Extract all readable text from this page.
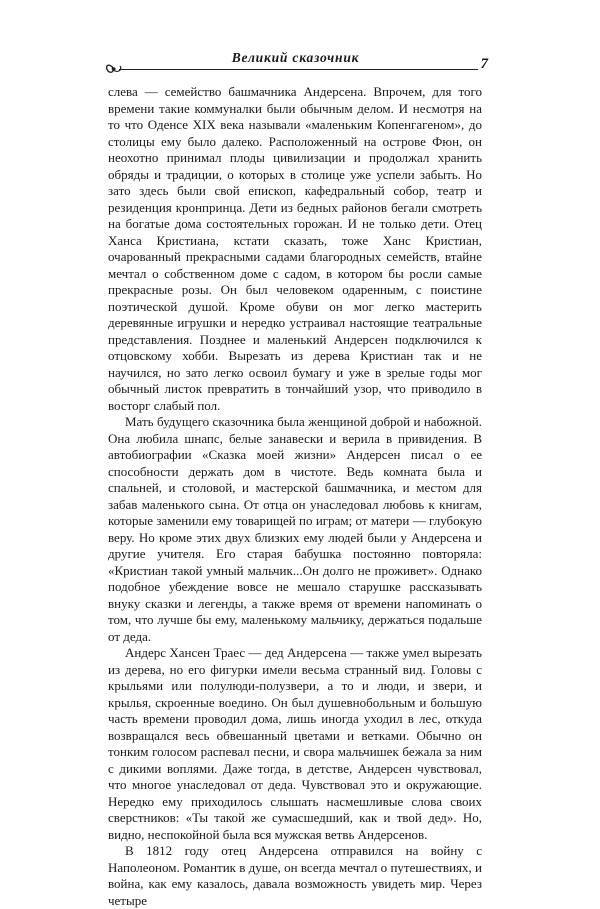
Великий сказочник	7

слева — семейство башмачника Андерсена. Впрочем, для того времени такие коммуналки были обычным делом. И несмотря на то что Оденсе XIX века называли «маленьким Копенгагеном», до столицы ему было далеко. Расположенный на острове Фюн, он неохотно принимал плоды цивилизации и продолжал хранить обряды и традиции, о которых в столице уже успели забыть. Но зато здесь были свой епископ, кафедральный собор, театр и резиденция кронпринца. Дети из бедных районов бегали смотреть на богатые дома состоятельных горожан. И не только дети. Отец Ханса Кристиана, кстати сказать, тоже Ханс Кристиан, очарованный прекрасными садами благородных семейств, втайне мечтал о собственном доме с садом, в котором бы росли самые прекрасные розы. Он был человеком одаренным, с поистине поэтической душой. Кроме обуви он мог легко мастерить деревянные игрушки и нередко устраивал настоящие театральные представления. Позднее и маленький Андерсен подключился к отцовскому хобби. Вырезать из дерева Кристиан так и не научился, но зато легко освоил бумагу и уже в зрелые годы мог обычный листок превратить в тончайший узор, что приводило в восторг слабый пол.

Мать будущего сказочника была женщиной доброй и набожной. Она любила шнапс, белые занавески и верила в привидения. В автобиографии «Сказка моей жизни» Андерсен писал о ее способности держать дом в чистоте. Ведь комната была и спальней, и столовой, и мастерской башмачника, и местом для забав маленького сына. От отца он унаследовал любовь к книгам, которые заменили ему товарищей по играм; от матери — глубокую веру. Но кроме этих двух близких ему людей были у Андерсена и другие учителя. Его старая бабушка постоянно повторяла: «Кристиан такой умный мальчик...Он долго не проживет». Однако подобное убеждение вовсе не мешало старушке рассказывать внуку сказки и легенды, а также время от времени напоминать о том, что лучше бы ему, маленькому мальчику, держаться подальше от деда.

Андерс Хансен Траес — дед Андерсена — также умел вырезать из дерева, но его фигурки имели весьма странный вид. Головы с крыльями или полулюди-полузвери, а то и люди, и звери, и крылья, скроенные воедино. Он был душевнобольным и большую часть времени проводил дома, лишь иногда уходил в лес, откуда возвращался весь обвешанный цветами и ветками. Обычно он тонким голосом распевал песни, и свора мальчишек бежала за ним с дикими воплями. Даже тогда, в детстве, Андерсен чувствовал, что многое унаследовал от деда. Чувствовал это и окружающие. Нередко ему приходилось слышать насмешливые слова своих сверстников: «Ты такой же сумасшедший, как и твой дед». Но, видно, неспокойной была вся мужская ветвь Андерсенов.

В 1812 году отец Андерсена отправился на войну с Наполеоном. Романтик в душе, он всегда мечтал о путешествиях, и война, как ему казалось, давала возможность увидеть мир. Через четыре
